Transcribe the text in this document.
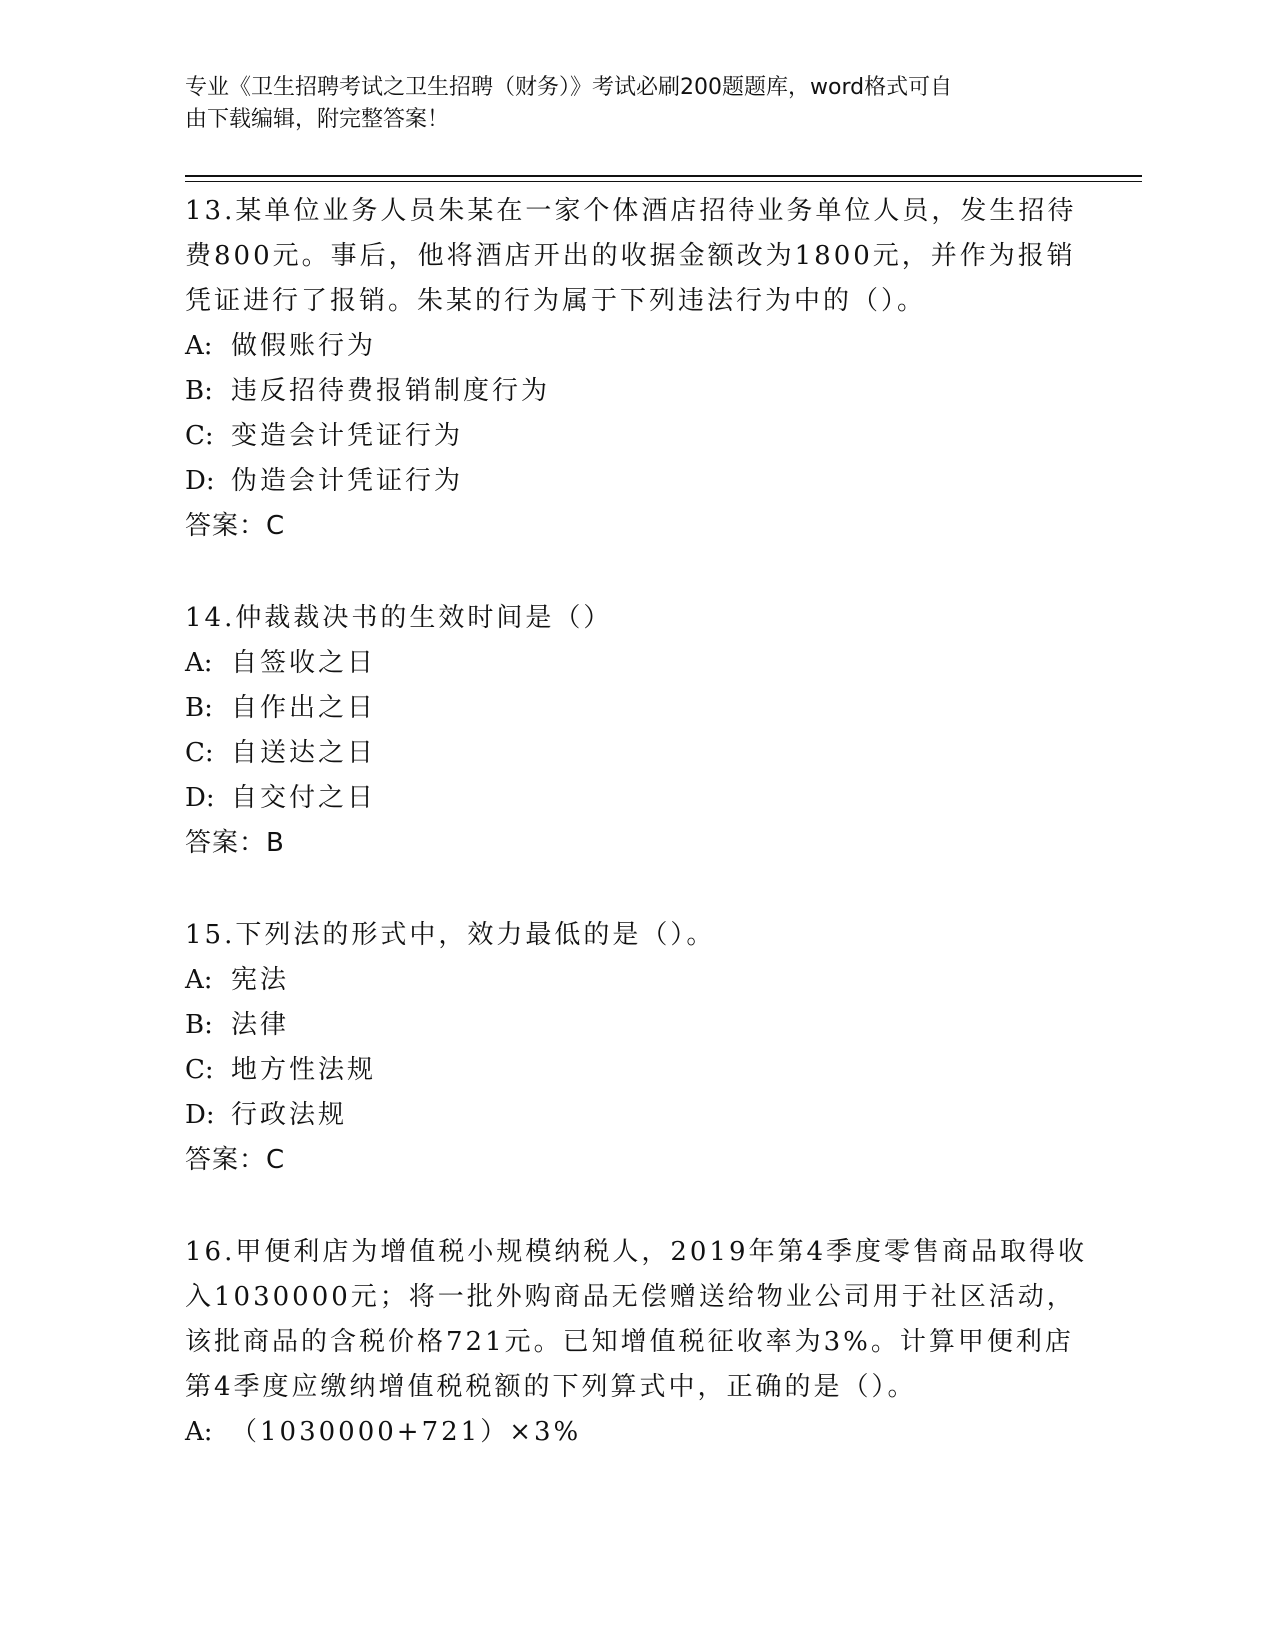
专业《卫生招聘考试之卫生招聘（财务）》考试必刷200题题库，word格式可自
由下载编辑，附完整答案！
13.某单位业务人员朱某在一家个体酒店招待业务单位人员，发生招待
费800元。事后，他将酒店开出的收据金额改为1800元，并作为报销
凭证进行了报销。朱某的行为属于下列违法行为中的（）。
A: 做假账行为
B: 违反招待费报销制度行为
C: 变造会计凭证行为
D: 伪造会计凭证行为
答案：C
14.仲裁裁决书的生效时间是（）
A: 自签收之日
B: 自作出之日
C: 自送达之日
D: 自交付之日
答案：B
15.下列法的形式中，效力最低的是（）。
A: 宪法
B: 法律
C: 地方性法规
D: 行政法规
答案：C
16.甲便利店为增值税小规模纳税人，2019年第4季度零售商品取得收
入1030000元；将一批外购商品无偿赠送给物业公司用于社区活动，
该批商品的含税价格721元。已知增值税征收率为3%。计算甲便利店
第4季度应缴纳增值税税额的下列算式中，正确的是（）。
A: （1030000+721）×3%
